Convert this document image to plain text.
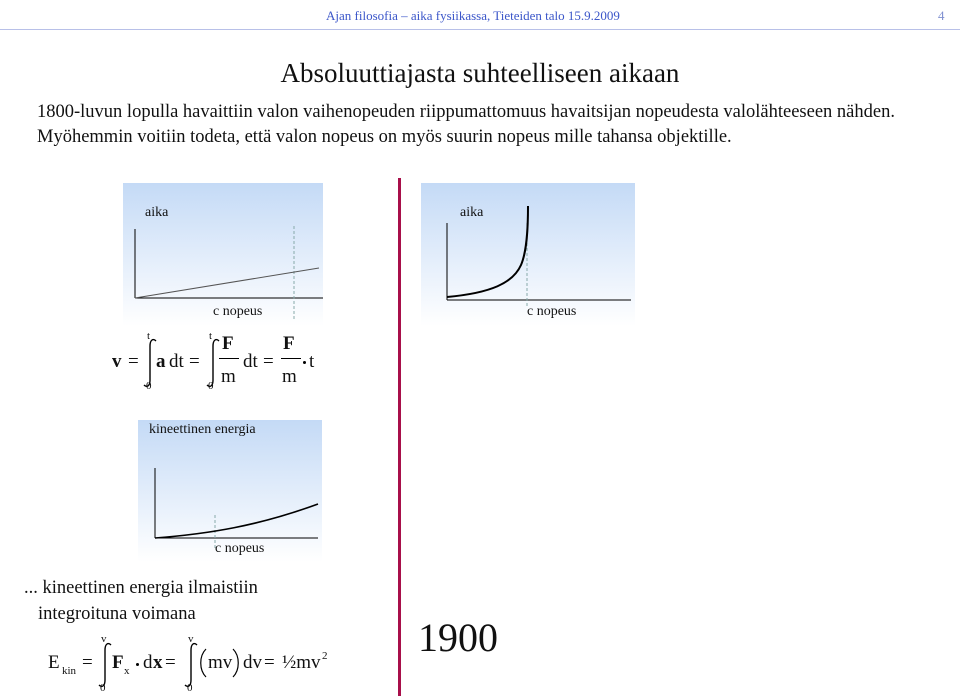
Ajan filosofia – aika fysiikassa, Tieteiden talo 15.9.2009	4
Absoluuttiajasta suhteelliseen aikaan
1800-luvun lopulla havaittiin valon vaihenopeuden riippumattomuus havaitsijan nopeudesta valolähteeseen nähden. Myöhemmin voitiin todeta, että valon nopeus on myös suurin nopeus mille tahansa objektille.
aika
c nopeus
aika
c nopeus
v =
t
0
a dt =
t
0
F
m
dt =
F
m
t
kineettinen energia
c nopeus
... kineettinen energia ilmaistiin
integroituna voimana
E kin =
v
0
F x d x =
v
0
mv dv = ½mv 2 1900
